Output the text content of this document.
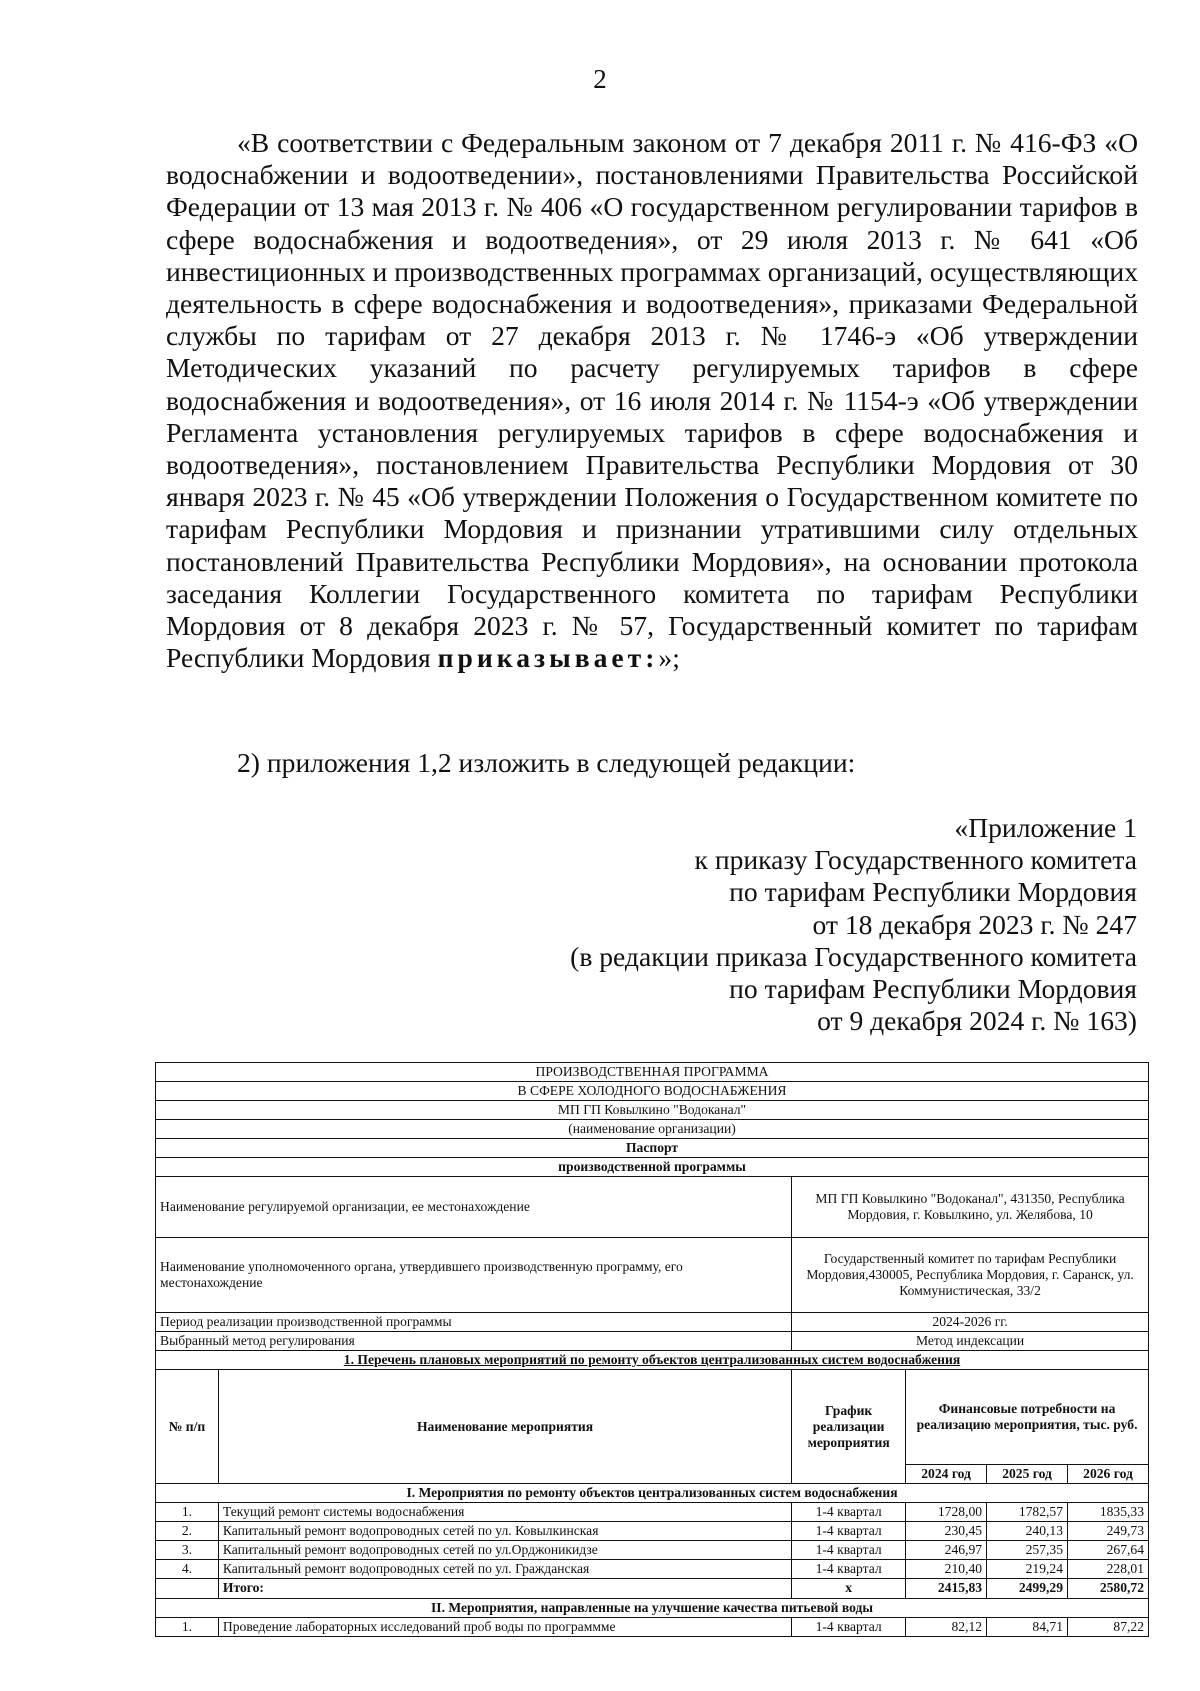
2

«В соответствии с Федеральным законом от 7 декабря 2011 г. № 416-ФЗ «О водоснабжении и водоотведении», постановлениями Правительства Российской Федерации от 13 мая 2013 г. № 406 «О государственном регулировании тарифов в сфере водоснабжения и водоотведения», от 29 июля 2013 г. № 641 «Об инвестиционных и производственных программах организаций, осуществляющих деятельность в сфере водоснабжения и водоотведения», приказами Федеральной службы по тарифам от 27 декабря 2013 г. № 1746-э «Об утверждении Методических указаний по расчету регулируемых тарифов в сфере водоснабжения и водоотведения», от 16 июля 2014 г. № 1154-э «Об утверждении Регламента установления регулируемых тарифов в сфере водоснабжения и водоотведения», постановлением Правительства Республики Мордовия от 30 января 2023 г. № 45 «Об утверждении Положения о Государственном комитете по тарифам Республики Мордовия и признании утратившими силу отдельных постановлений Правительства Республики Мордовия», на основании протокола заседания Коллегии Государственного комитета по тарифам Республики Мордовия от 8 декабря 2023 г. № 57, Государственный комитет по тарифам Республики Мордовия приказывает:»;

2) приложения 1,2 изложить в следующей редакции:
«Приложение 1
к приказу Государственного комитета
по тарифам Республики Мордовия
от 18 декабря 2023 г. № 247
(в редакции приказа Государственного комитета
по тарифам Республики Мордовия
от 9 декабря 2024 г. № 163)
ПРОИЗВОДСТВЕННАЯ ПРОГРАММА					
В СФЕРЕ ХОЛОДНОГО ВОДОСНАБЖЕНИЯ					
МП ГП Ковылкино "Водоканал"					
(наименование организации)					
Паспорт					
производственной программы					
Наименование регулируемой организации, ее местонахождение		МП ГП Ковылкино "Водоканал", 431350, Республика Мордовия, г. Ковылкино, ул. Желябова, 10			
Наименование уполномоченного органа, утвердившего производственную программу, его местонахождение		Государственный комитет по тарифам Республики Мордовия,430005, Республика Мордовия, г. Саранск, ул. Коммунистическая, 33/2			
Период реализации производственной программы		2024-2026 гг.			
Выбранный метод регулирования		Метод индексации			
1. Перечень плановых мероприятий по ремонту объектов централизованных систем водоснабжения					
№ п/п	Наименование мероприятия	График реализации мероприятия	Финансовые потребности на реализацию мероприятия, тыс. руб.		
			2024 год	2025 год	2026 год
I. Мероприятия по ремонту объектов централизованных систем водоснабжения					
1.	Текущий ремонт системы водоснабжения	1-4 квартал	1728,00	1782,57	1835,33
2.	Капитальный ремонт водопроводных сетей по ул. Ковылкинская	1-4 квартал	230,45	240,13	249,73
3.	Капитальный ремонт водопроводных сетей по ул.Орджоникидзе	1-4 квартал	246,97	257,35	267,64
4.	Капитальный ремонт водопроводных сетей по ул. Гражданская	1-4 квартал	210,40	219,24	228,01
	Итого:	х	2415,83	2499,29	2580,72
II. Мероприятия, направленные на улучшение качества питьевой воды					
1.	Проведение лабораторных исследований проб воды по программме	1-4 квартал	82,12	84,71	87,22
